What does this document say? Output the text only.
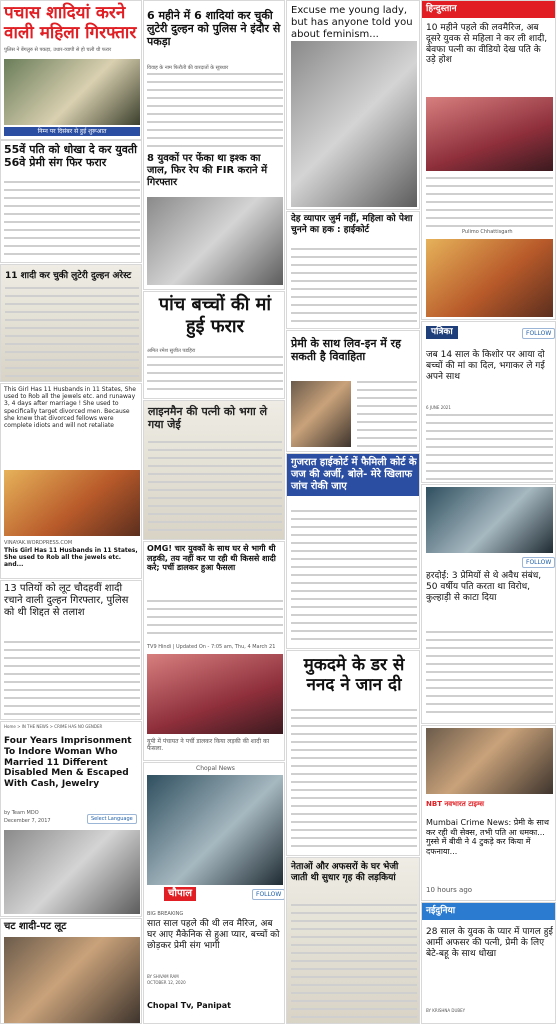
पचास शादियां करने वाली महिला गिरफ्तार

पुलिस ने बेंगलुरु से पकड़ा, उधार-व्यापी से हो चली थी फरार

निम्न पर दिसंबर से हुई शुरूआत

55वें पति को धोखा दे कर युवती 56वे प्रेमी संग फिर फरार

11 शादी कर चुकी लुटेरी दुल्हन अरेस्ट

This Girl Has 11 Husbands in 11 States, She used to Rob all the jewels etc. and runaway 3, 4 days after marriage ! She used to specifically target divorced men. Because she knew that divorced fellows were complete idiots and will not retaliate

VINAYAK.WORDPRESS.COM

This Girl Has 11 Husbands in 11 States, She used to Rob all the jewels etc. and...

13 पतियों को लूट चौदहवीं शादी रचाने वाली दुल्हन गिरफ्तार, पुलिस को थी शिद्दत से तलाश

Home > IN THE NEWS > CRIME HAS NO GENDER

Four Years Imprisonment To Indore Woman Who Married 11 Different Disabled Men & Escaped With Cash, Jewelry

by Team MDO

December 7, 2017	Select Language

चट शादी-पट लूट

6 महीने में 6 शादियां कर चुकी लुटेरी दुल्हन को पुलिस ने इंदौर से पकड़ा

विवाह के नाम फिरौती की वारदातों के सूत्रधार

8 युवकों पर फेंका था इश्क का जाल, फिर रेप की FIR कराने में गिरफ्तार

पांच बच्चों की मां हुई फरार

अमित रमेश सुजीत पडहिरा

लाइनमैन की पत्नी को भगा ले गया जेई

OMG! चार युवकों के साथ घर से भागी थी लड़की, तय नहीं कर पा रही थी किससे शादी करे; पर्ची डालकर हुआ फैसला

TV9 Hindi | Updated On - 7:05 am, Thu, 4 March 21

यूपी में पंचायत ने पर्ची डालकर किया लड़की की शादी का फैसला.

Chopal News

चौपाल	FOLLOW

BIG BREAKING

सात साल पहले की थी लव मैरिज, अब घर आए मैकेनिक से हुआ प्यार, बच्चों को छोड़कर प्रेमी संग भागी

BY SHIVAM RAM

OCTOBER 12, 2020

Chopal Tv, Panipat

Excuse me young lady, but has anyone told you about feminism...

देह व्यापार जुर्म नहीं, महिला को पेशा चुनने का हक : हाईकोर्ट

प्रेमी के साथ लिव-इन में रह सकती है विवाहिता

गुजरात हाईकोर्ट में फैमिली कोर्ट के जज की अर्जी, बोले- मेरे खिलाफ जांच रोकी जाए

मुकदमे के डर से ननद ने जान दी

नेताओं और अफसरों के घर भेजी जाती थी सुधार गृह की लड़कियां

हिन्दुस्तान

10 महीने पहले की लवमैरिज, अब दूसरे युवक से महिला ने कर ली शादी, बेवफा पत्नी का वीडियो देख पति के उड़े होश

Pulimo Chhattisgarh

पत्रिका	FOLLOW

जब 14 साल के किशोर पर आया दो बच्चों की मां का दिल, भगाकर ले गई अपने साथ

6 JUNE 2021

FOLLOW

हरदोई: 3 प्रेमियों से थे अवैध संबंध, 50 वर्षीय पति करता था विरोध, कुल्हाड़ी से काटा दिया

NBT नवभारत टाइम्स

Mumbai Crime News: प्रेमी के साथ कर रही थी सेक्स, तभी पति आ धमका... गुस्से में बीवी ने 4 टुकड़े कर किया में दफनाया...

10 hours ago

नईदुनिया

28 साल के युवक के प्यार में पागल हुई आर्मी अफसर की पत्नी, प्रेमी के लिए बेटे-बहू के साथ धोखा

BY KRISHNA DUBEY
